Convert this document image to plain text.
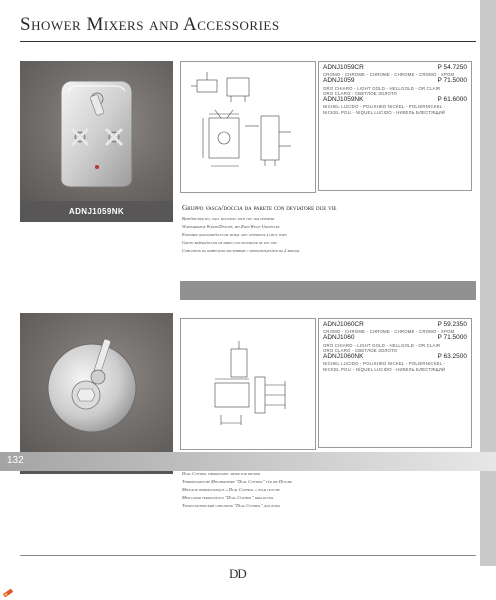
Shower Mixers and Accessories
ADNJ1059NK
ADNJ1059CR	P 54.7250
CROMO - CHROME - CHROME - CHROME - CROMO - ХРОМ
ADNJ1059	P 71.5000
ORO CHIARO - LIGHT GOLD - HELLGOLD - OR CLAIR
ORO CLARO - СВЕТЛОЕ ЗОЛОТО
ADNJ1059NK	P 61.6000
NICHEL LUCIDO - POLISHED NICKEL - POLIERNICKEL -
NICKEL POLI - NÍQUEL LUCIDO - НИКЕЛЬ БЛЕСТЯЩИЙ
Gruppo vasca/doccia da parete con deviatore due vie
Bath/shower set, wall mounting with two way diverter
Wandarmatur Wanne/Dusche, mit Zwei-Wege-Umsteller
Ensemble baignoire/douche mural avec inverseur à deux voies
Grupo bañera/ducha de pared con desviador de dos vías
Смеситель на ванну/душ настенный с переключателем на 2 выхода
ADNJ1060CR	P 59.2350
CROMO - CHROME - CHROME - CHROME - CROMO - ХРОМ
ADNJ1060	P 71.5000
ORO CHIARO - LIGHT GOLD - HELLGOLD - OR CLAIR
ORO CLARO - СВЕТЛОЕ ЗОЛОТО
ADNJ1060NK	P 63.2500
NICHEL LUCIDO - POLISHED NICKEL - POLIERNICKEL -
NICKEL POLI - NÍQUEL LUCIDO - НИКЕЛЬ БЛЕСТЯЩИЙ
Dual Control thermostatic mixer for shower
Thermostatische Mischbatterie "Dual Control" für die Dusche
Mitigeur thermostatique « Dual Control » pour douche
Mezclador termostático "Dual Control" para ducha
Термостатический смеситель "Dual Control" для душа
132
DD
